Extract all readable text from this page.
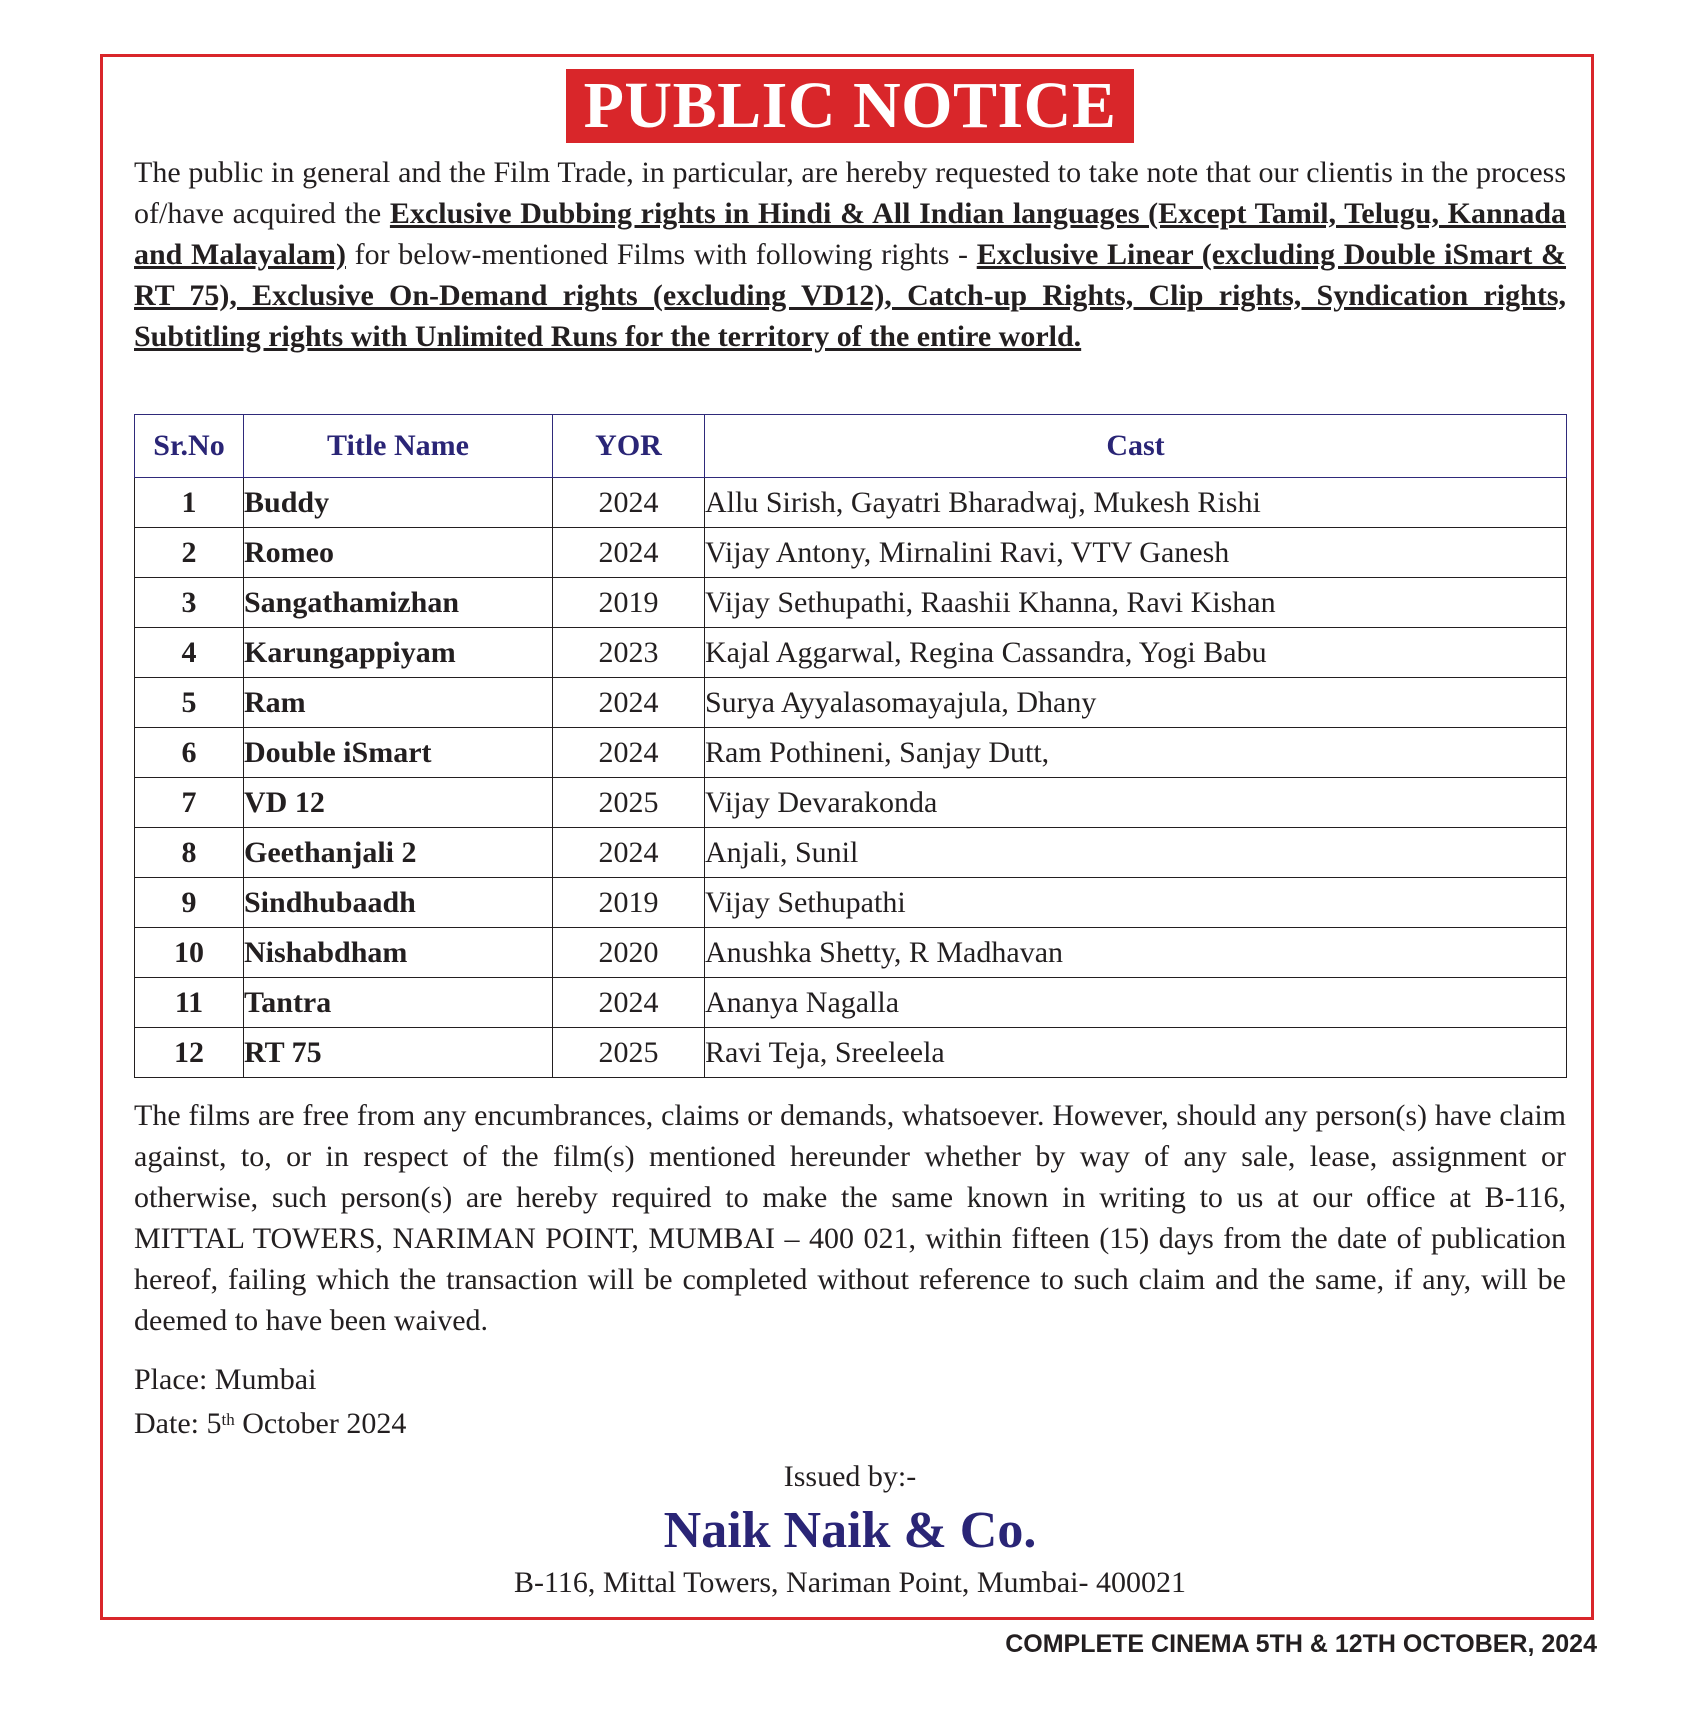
PUBLIC NOTICE
The public in general and the Film Trade, in particular, are hereby requested to take note that our clientis in the process of/have acquired the Exclusive Dubbing rights in Hindi & All Indian languages (Except Tamil, Telugu, Kannada and Malayalam) for below-mentioned Films with following rights - Exclusive Linear (excluding Double iSmart & RT 75), Exclusive On-Demand rights (excluding VD12), Catch-up Rights, Clip rights, Syndication rights, Subtitling rights with Unlimited Runs for the territory of the entire world.
Sr.No	Title Name	YOR	Cast
1	Buddy	2024	Allu Sirish, Gayatri Bharadwaj, Mukesh Rishi
2	Romeo	2024	Vijay Antony, Mirnalini Ravi, VTV Ganesh
3	Sangathamizhan	2019	Vijay Sethupathi, Raashii Khanna, Ravi Kishan
4	Karungappiyam	2023	Kajal Aggarwal, Regina Cassandra, Yogi Babu
5	Ram	2024	Surya Ayyalasomayajula, Dhany
6	Double iSmart	2024	Ram Pothineni, Sanjay Dutt,
7	VD 12	2025	Vijay Devarakonda
8	Geethanjali 2	2024	Anjali, Sunil
9	Sindhubaadh	2019	Vijay Sethupathi
10	Nishabdham	2020	Anushka Shetty, R Madhavan
11	Tantra	2024	Ananya Nagalla
12	RT 75	2025	Ravi Teja, Sreeleela
The films are free from any encumbrances, claims or demands, whatsoever. However, should any person(s) have claim against, to, or in respect of the film(s) mentioned hereunder whether by way of any sale, lease, assignment or otherwise, such person(s) are hereby required to make the same known in writing to us at our office at B-116, MITTAL TOWERS, NARIMAN POINT, MUMBAI – 400 021, within fifteen (15) days from the date of publication hereof, failing which the transaction will be completed without reference to such claim and the same, if any, will be deemed to have been waived.
Place: Mumbai
Date: 5th October 2024
Issued by:-
Naik Naik & Co.
B-116, Mittal Towers, Nariman Point, Mumbai- 400021
COMPLETE CINEMA 5TH & 12TH OCTOBER, 2024
